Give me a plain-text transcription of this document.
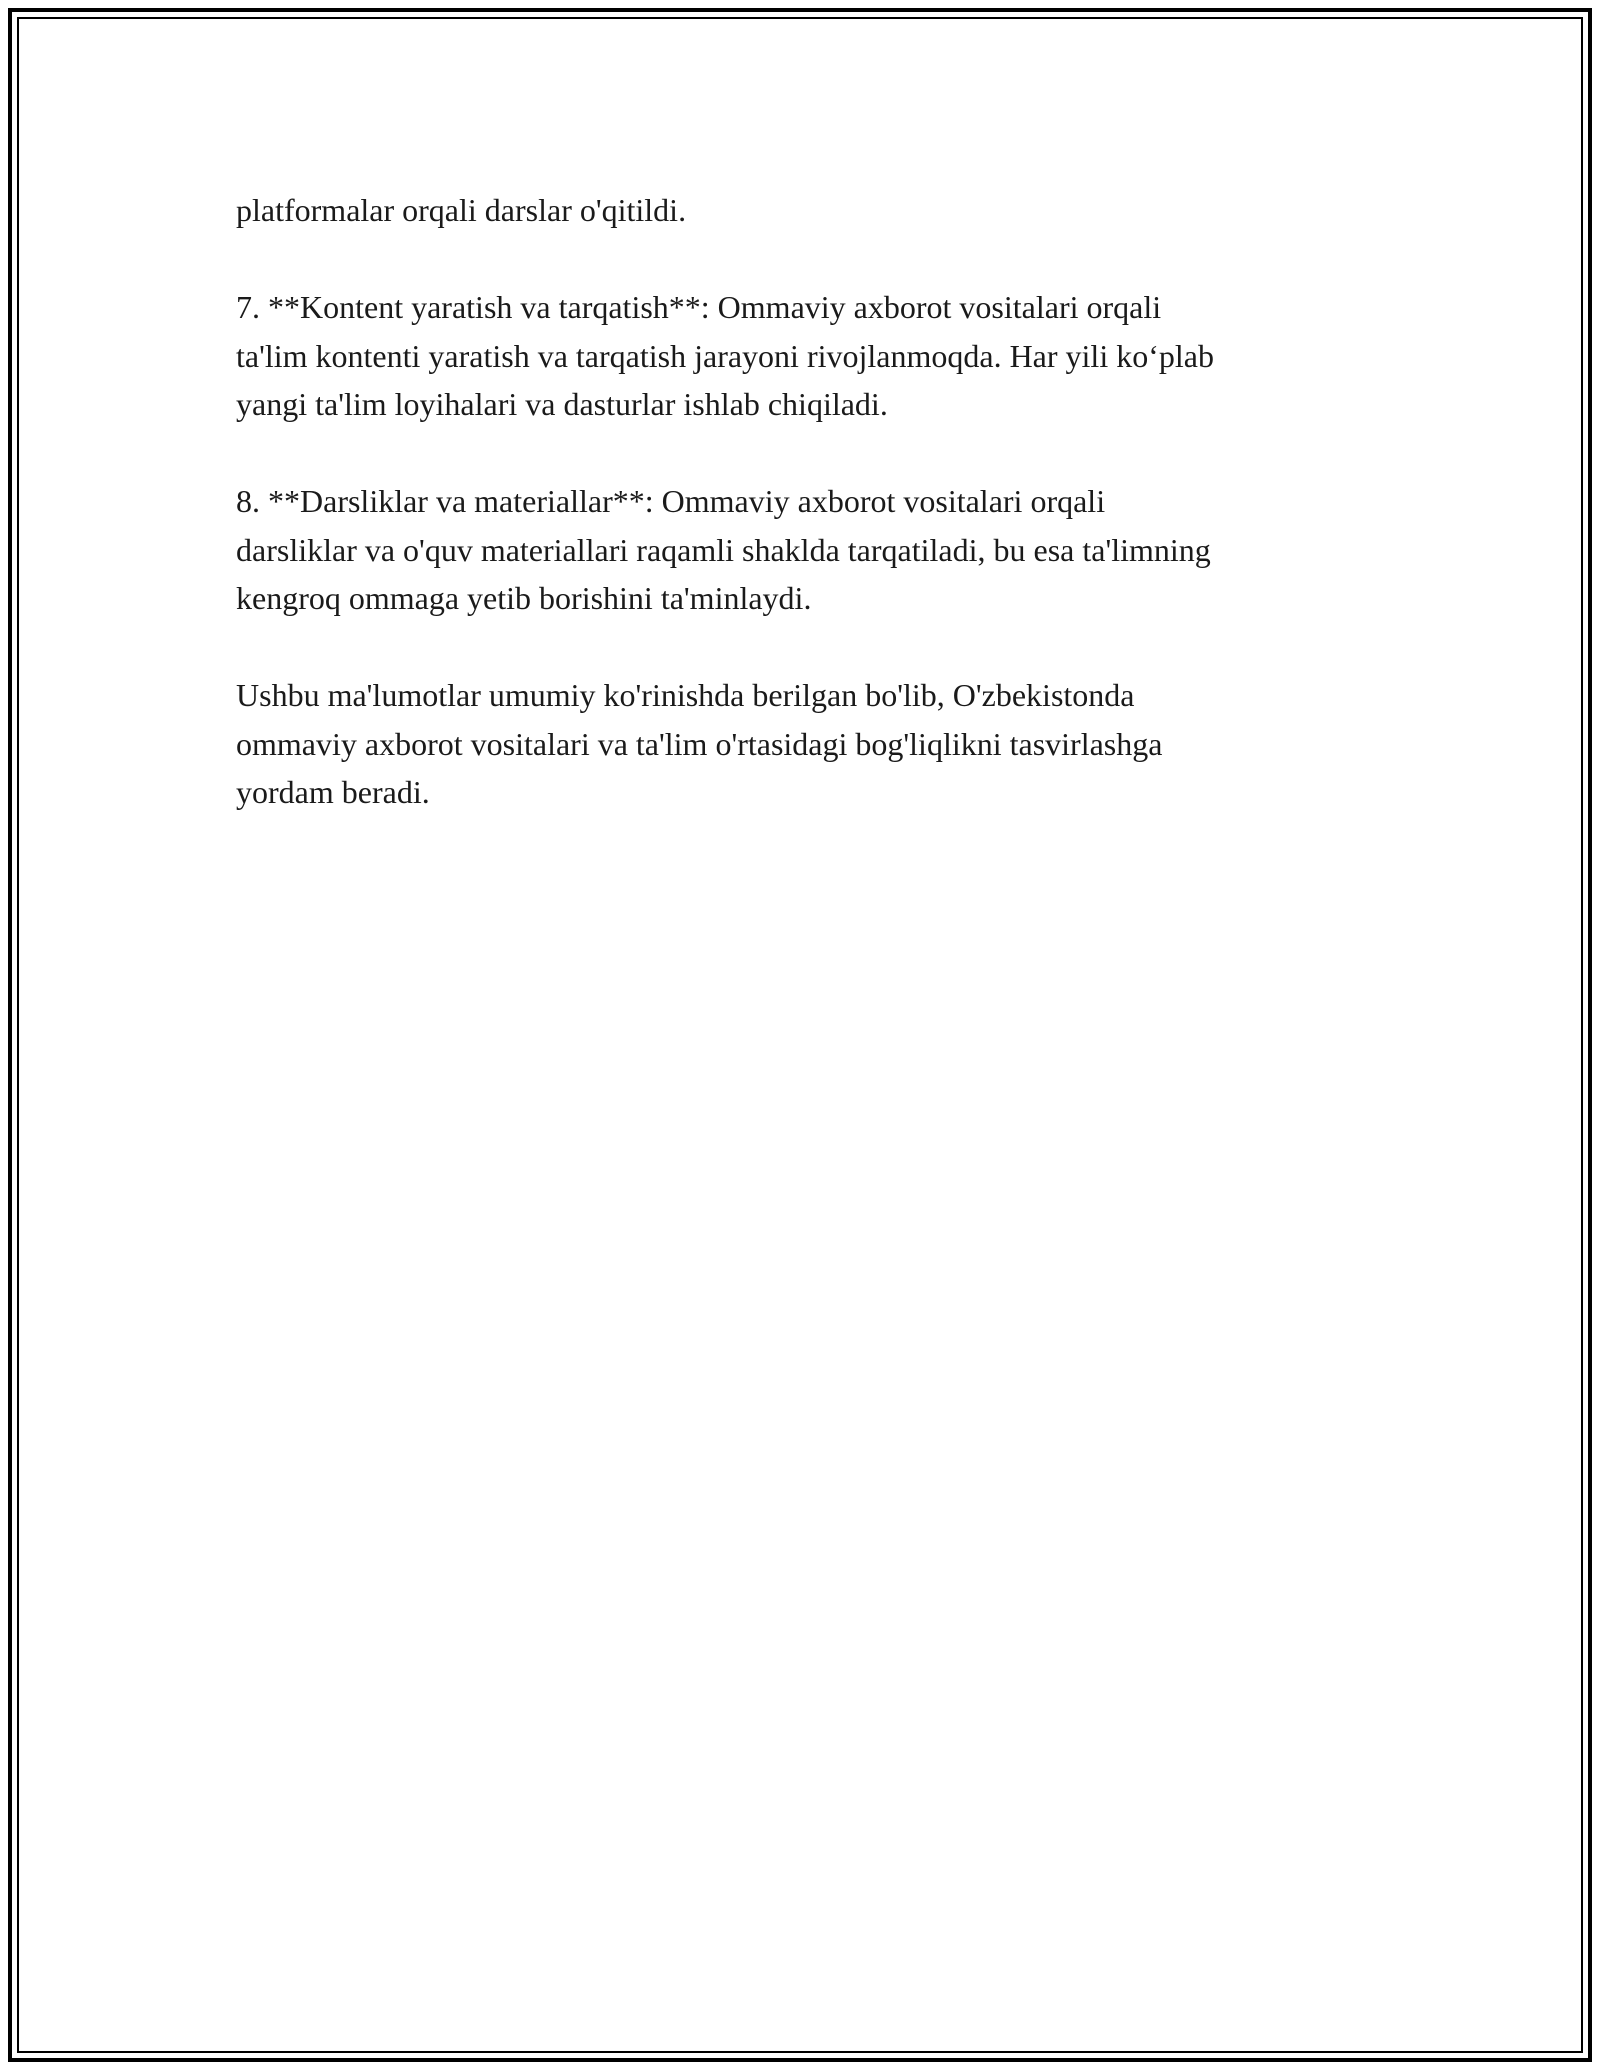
platformalar orqali darslar o'qitildi.

7. **Kontent yaratish va tarqatish**: Ommaviy axborot vositalari orqali
ta'lim kontenti yaratish va tarqatish jarayoni rivojlanmoqda. Har yili ko‘plab
yangi ta'lim loyihalari va dasturlar ishlab chiqiladi.

8. **Darsliklar va materiallar**: Ommaviy axborot vositalari orqali
darsliklar va o'quv materiallari raqamli shaklda tarqatiladi, bu esa ta'limning
kengroq ommaga yetib borishini ta'minlaydi.

Ushbu ma'lumotlar umumiy ko'rinishda berilgan bo'lib, O'zbekistonda
ommaviy axborot vositalari va ta'lim o'rtasidagi bog'liqlikni tasvirlashga
yordam beradi.
